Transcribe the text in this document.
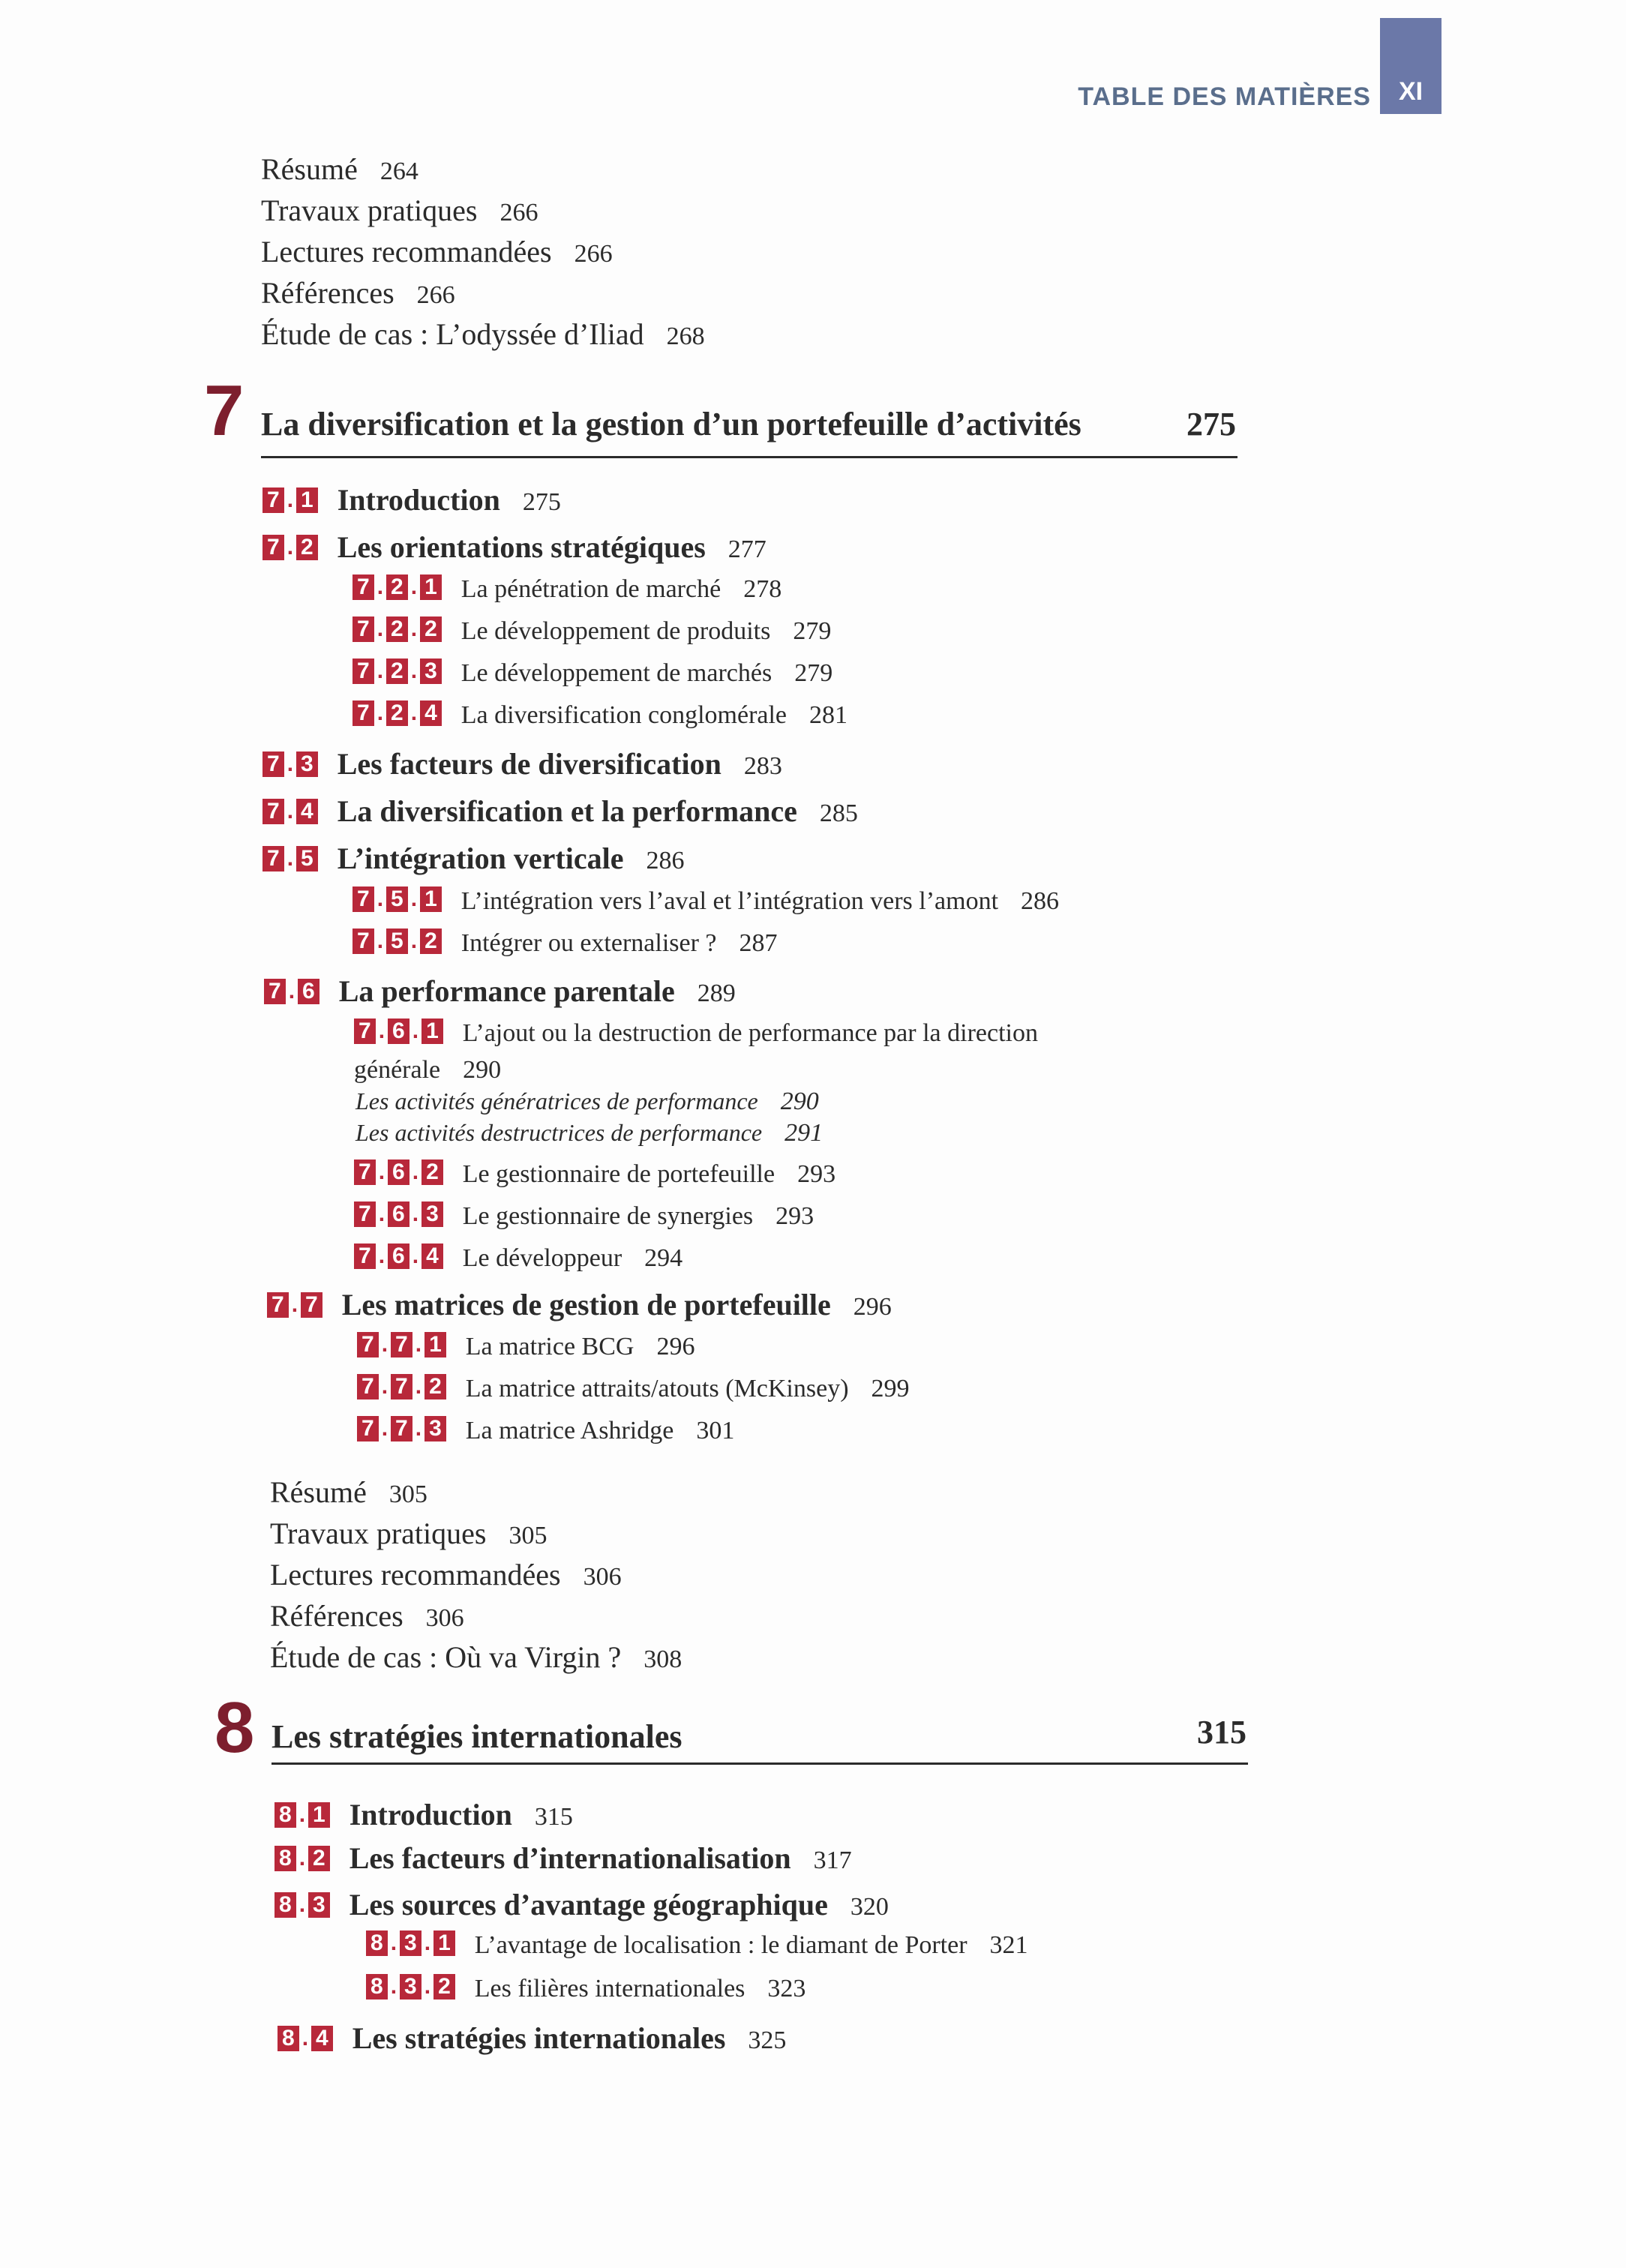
TABLE DES MATIÈRES	XI
Résumé 264
Travaux pratiques 266
Lectures recommandées 266
Références 266
Étude de cas : L’odyssée d’Iliad 268
7 La diversification et la gestion d’un portefeuille d’activités	275
7 . 1 Introduction 275
7 . 2 Les orientations stratégiques 277
7 . 2 . 1 La pénétration de marché 278
7 . 2 . 2 Le développement de produits 279
7 . 2 . 3 Le développement de marchés 279
7 . 2 . 4 La diversification conglomérale 281
7 . 3 Les facteurs de diversification 283
7 . 4 La diversification et la performance 285
7 . 5 L’intégration verticale 286
7 . 5 . 1 L’intégration vers l’aval et l’intégration vers l’amont 286
7 . 5 . 2 Intégrer ou externaliser ? 287
7 . 6 La performance parentale 289
7 . 6 . 1 L’ajout ou la destruction de performance par la direction
générale 290
Les activités génératrices de performance 290
Les activités destructrices de performance 291
7 . 6 . 2 Le gestionnaire de portefeuille 293
7 . 6 . 3 Le gestionnaire de synergies 293
7 . 6 . 4 Le développeur 294
7 . 7 Les matrices de gestion de portefeuille 296
7 . 7 . 1 La matrice BCG 296
7 . 7 . 2 La matrice attraits/atouts (McKinsey) 299
7 . 7 . 3 La matrice Ashridge 301
Résumé 305
Travaux pratiques 305
Lectures recommandées 306
Références 306
Étude de cas : Où va Virgin ? 308
8 Les stratégies internationales	315
8 . 1 Introduction 315
8 . 2 Les facteurs d’internationalisation 317
8 . 3 Les sources d’avantage géographique 320
8 . 3 . 1 L’avantage de localisation : le diamant de Porter 321
8 . 3 . 2 Les filières internationales 323
8 . 4 Les stratégies internationales 325
